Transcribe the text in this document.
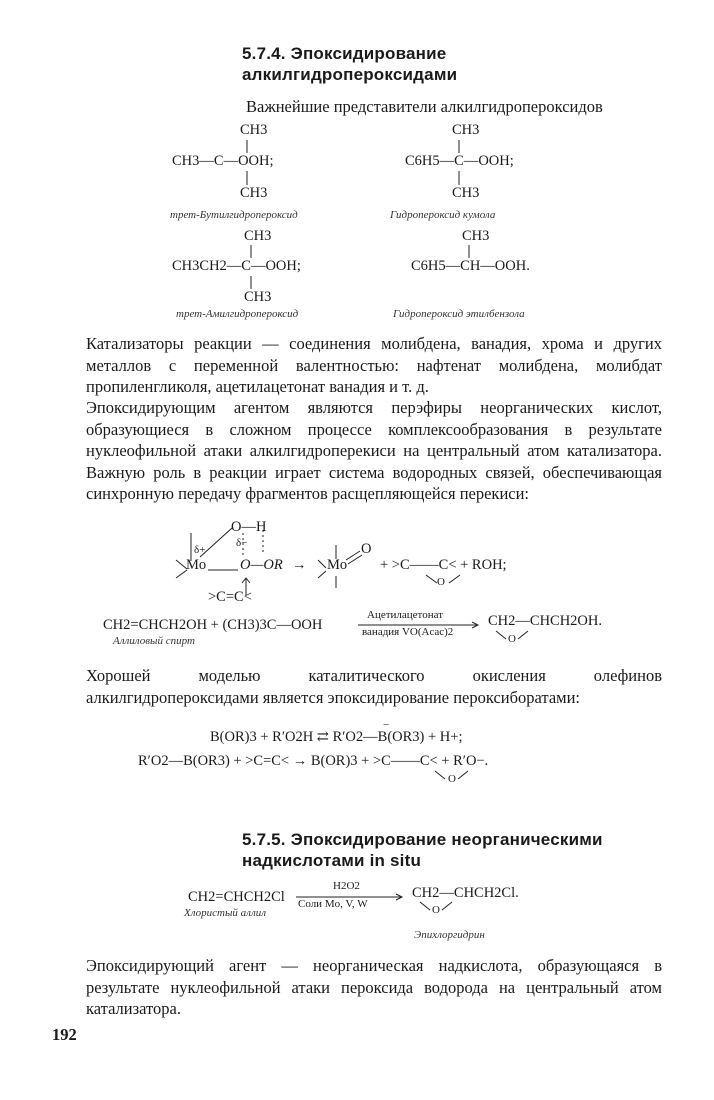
5.7.4. Эпоксидирование
алкилгидропероксидами
Важнейшие представители алкилгидропероксидов
CH3
CH3—C—OOH;
CH3
трет-Бутилгидропероксид
CH3
C6H5—C—OOH;
CH3
Гидропероксид кумола
CH3
CH3CH2—C—OOH;
CH3
трет-Амилгидропероксид
CH3
C6H5—CH—OOH.
Гидропероксид этилбензола
Катализаторы реакции — соединения молибдена, ванадия, хрома и других металлов с переменной валентностью: нафтенат молибдена, молибдат пропиленгликоля, ацетилацетонат ванадия и т. д.
Эпоксидирующим агентом являются перэфиры неорганических кислот, образующиеся в сложном процессе комплексообразования в результате нуклеофильной атаки алкилгидроперекиси на центральный атом катализатора. Важную роль в реакции играет система водородных связей, обеспечивающая синхронную передачу фрагментов расщепляющейся перекиси:
O—H
δ−
δ+
Mo O—OR → Mo
O
+ >C——C< + ROH;
O
>C=C<
CH2=CHCH2OH + (CH3)3C—OOH
Ацетилацетонат
ванадия VO(Acac)2
CH2—CHCH2OH.
O
Аллиловый спирт
Хорошей моделью каталитического окисления олефинов алкилгидропероксидами является эпоксидирование пероксиборатами:
B(OR)3 + R′O2H ⇄ R′O2—B(OR3) + H+;
−
R′O2—B(OR3) + >C=C< → B(OR)3 + >C——C< + R′O−.
O
5.7.5. Эпоксидирование неорганическими
надкислотами in situ
CH2=CHCH2Cl
H2O2
Соли Mo, V, W
CH2—CHCH2Cl.
O
Хлористый аллил
Эпихлоргидрин
Эпоксидирующий агент — неорганическая надкислота, образующаяся в результате нуклеофильной атаки пероксида водорода на центральный атом катализатора.
192
